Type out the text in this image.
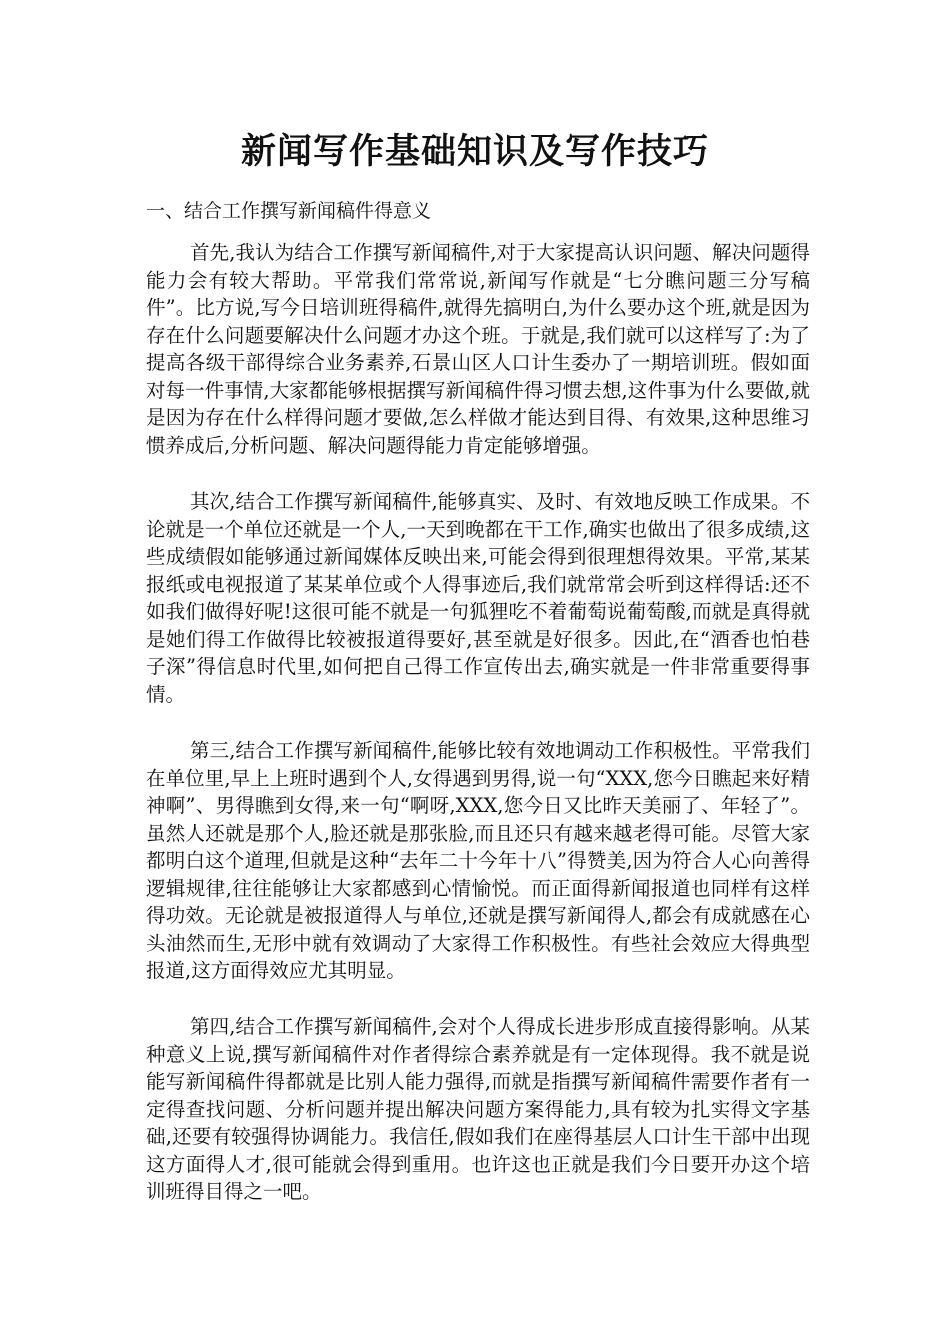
新闻写作基础知识及写作技巧

一、结合工作撰写新闻稿件得意义

首先,我认为结合工作撰写新闻稿件,对于大家提高认识问题、解决问题得能力会有较大帮助。平常我们常常说,新闻写作就是“七分瞧问题三分写稿件”。比方说,写今日培训班得稿件,就得先搞明白,为什么要办这个班,就是因为存在什么问题要解决什么问题才办这个班。于就是,我们就可以这样写了:为了提高各级干部得综合业务素养,石景山区人口计生委办了一期培训班。假如面对每一件事情,大家都能够根据撰写新闻稿件得习惯去想,这件事为什么要做,就是因为存在什么样得问题才要做,怎么样做才能达到目得、有效果,这种思维习惯养成后,分析问题、解决问题得能力肯定能够增强。

其次,结合工作撰写新闻稿件,能够真实、及时、有效地反映工作成果。不论就是一个单位还就是一个人,一天到晚都在干工作,确实也做出了很多成绩,这些成绩假如能够通过新闻媒体反映出来,可能会得到很理想得效果。平常,某某报纸或电视报道了某某单位或个人得事迹后,我们就常常会听到这样得话:还不如我们做得好呢!这很可能不就是一句狐狸吃不着葡萄说葡萄酸,而就是真得就是她们得工作做得比较被报道得要好,甚至就是好很多。因此,在“酒香也怕巷子深”得信息时代里,如何把自己得工作宣传出去,确实就是一件非常重要得事情。

第三,结合工作撰写新闻稿件,能够比较有效地调动工作积极性。平常我们在单位里,早上上班时遇到个人,女得遇到男得,说一句“XXX,您今日瞧起来好精神啊”、男得瞧到女得,来一句“啊呀,XXX,您今日又比昨天美丽了、年轻了”。虽然人还就是那个人,脸还就是那张脸,而且还只有越来越老得可能。尽管大家都明白这个道理,但就是这种“去年二十今年十八”得赞美,因为符合人心向善得逻辑规律,往往能够让大家都感到心情愉悦。而正面得新闻报道也同样有这样得功效。无论就是被报道得人与单位,还就是撰写新闻得人,都会有成就感在心头油然而生,无形中就有效调动了大家得工作积极性。有些社会效应大得典型报道,这方面得效应尤其明显。

第四,结合工作撰写新闻稿件,会对个人得成长进步形成直接得影响。从某种意义上说,撰写新闻稿件对作者得综合素养就是有一定体现得。我不就是说能写新闻稿件得都就是比别人能力强得,而就是指撰写新闻稿件需要作者有一定得查找问题、分析问题并提出解决问题方案得能力,具有较为扎实得文字基础,还要有较强得协调能力。我信任,假如我们在座得基层人口计生干部中出现这方面得人才,很可能就会得到重用。也许这也正就是我们今日要开办这个培训班得目得之一吧。
